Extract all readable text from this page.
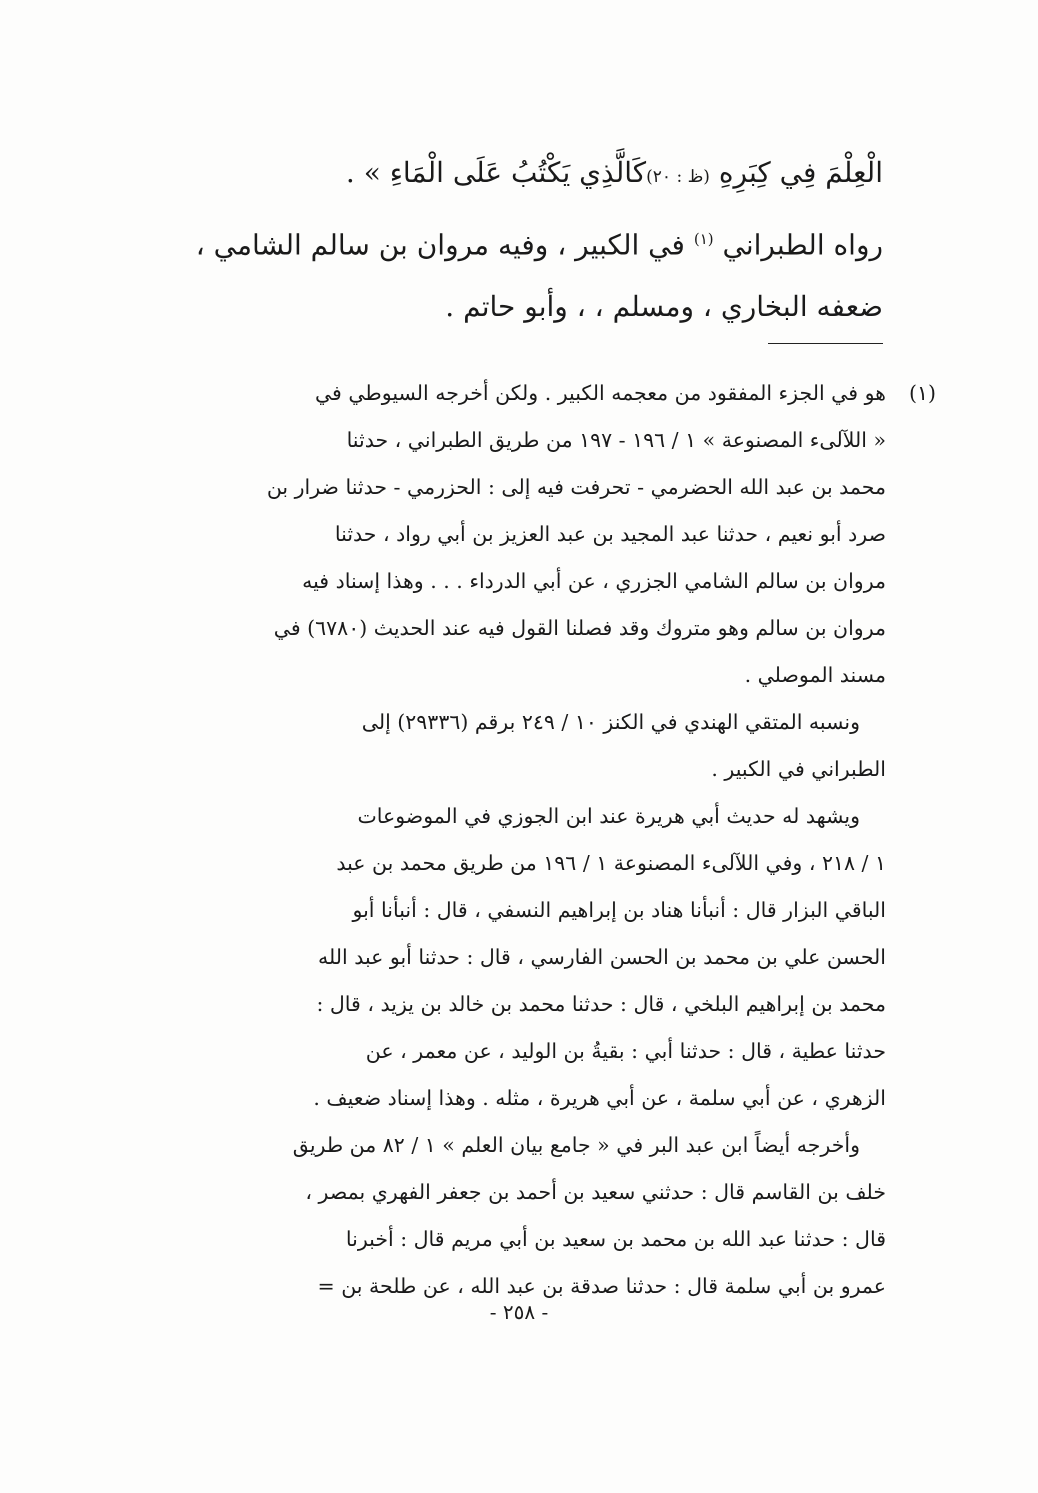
الْعِلْمَ فِي كِبَرِهِ (ظ : ٢٠)كَالَّذِي يَكْتُبُ عَلَى الْمَاءِ » .
رواه الطبراني $^{(١)}$ في الكبير ، وفيه مروان بن سالم الشامي ،
ضعفه البخاري ، ومسلم ، ، وأبو حاتم .
(١)
هو في الجزء المفقود من معجمه الكبير . ولكن أخرجه السيوطي في
« اللآلىء المصنوعة » ١ / ١٩٦ - ١٩٧ من طريق الطبراني ، حدثنا
محمد بن عبد الله الحضرمي - تحرفت فيه إلى : الحزرمي - حدثنا ضرار بن
صرد أبو نعيم ، حدثنا عبد المجيد بن عبد العزيز بن أبي رواد ، حدثنا
مروان بن سالم الشامي الجزري ، عن أبي الدرداء . . . وهذا إسناد فيه
مروان بن سالم وهو متروك وقد فصلنا القول فيه عند الحديث (٦٧٨٠) في
مسند الموصلي .
ونسبه المتقي الهندي في الكنز ١٠ / ٢٤٩ برقم (٢٩٣٣٦) إلى
الطبراني في الكبير .
ويشهد له حديث أبي هريرة عند ابن الجوزي في الموضوعات
١ / ٢١٨ ، وفي اللآلىء المصنوعة ١ / ١٩٦ من طريق محمد بن عبد
الباقي البزار قال : أنبأنا هناد بن إبراهيم النسفي ، قال : أنبأنا أبو
الحسن علي بن محمد بن الحسن الفارسي ، قال : حدثنا أبو عبد الله
محمد بن إبراهيم البلخي ، قال : حدثنا محمد بن خالد بن يزيد ، قال :
حدثنا عطية ، قال : حدثنا أبي : بقيةُ بن الوليد ، عن معمر ، عن
الزهري ، عن أبي سلمة ، عن أبي هريرة ، مثله . وهذا إسناد ضعيف .
وأخرجه أيضاً ابن عبد البر في « جامع بيان العلم » ١ / ٨٢ من طريق
خلف بن القاسم قال : حدثني سعيد بن أحمد بن جعفر الفهري بمصر ،
قال : حدثنا عبد الله بن محمد بن سعيد بن أبي مريم قال : أخبرنا
عمرو بن أبي سلمة قال : حدثنا صدقة بن عبد الله ، عن طلحة بن =
- ٢٥٨ -
